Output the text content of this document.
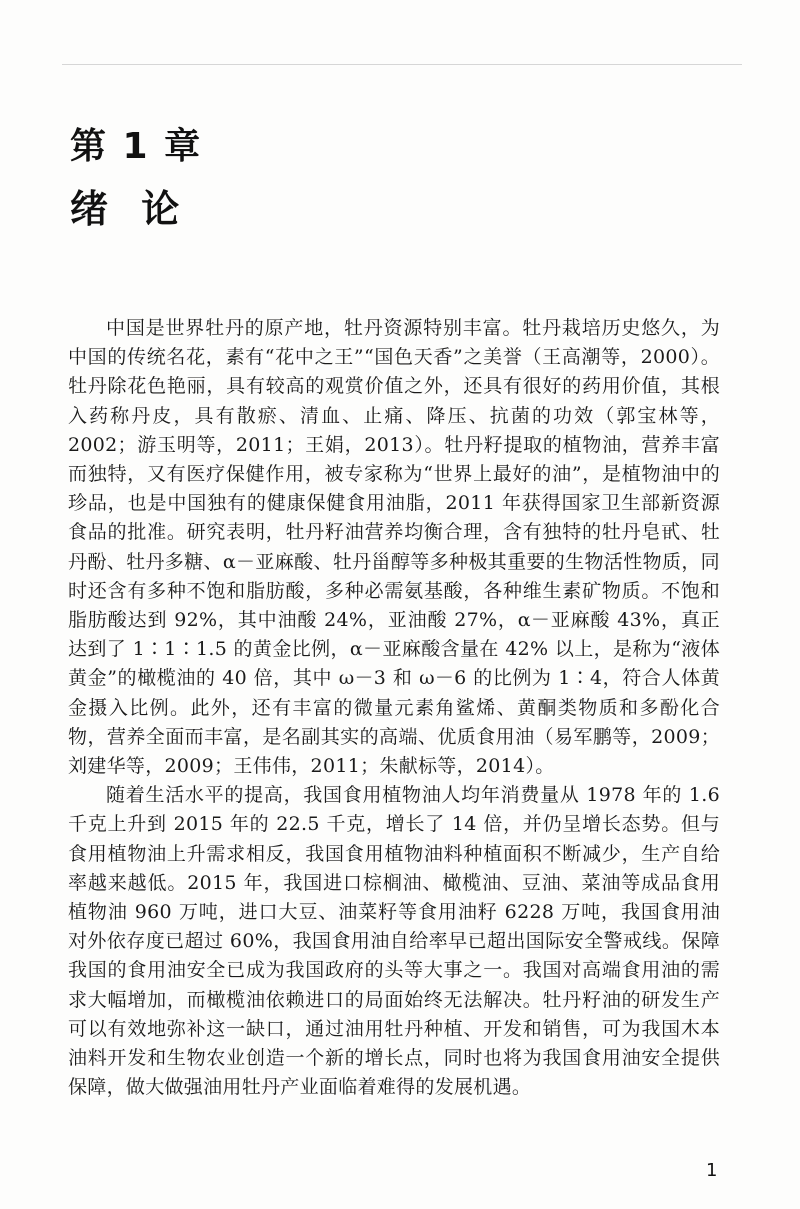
第 1 章
绪 论

中国是世界牡丹的原产地，牡丹资源特别丰富。牡丹栽培历史悠久，为中国的传统名花，素有“花中之王”“国色天香”之美誉（王高潮等，2000）。牡丹除花色艳丽，具有较高的观赏价值之外，还具有很好的药用价值，其根入药称丹皮，具有散瘀、清血、止痛、降压、抗菌的功效（郭宝林等，2002；游玉明等，2011；王娟，2013）。牡丹籽提取的植物油，营养丰富而独特，又有医疗保健作用，被专家称为“世界上最好的油”，是植物油中的珍品，也是中国独有的健康保健食用油脂，2011 年获得国家卫生部新资源食品的批准。研究表明，牡丹籽油营养均衡合理，含有独特的牡丹皂甙、牡丹酚、牡丹多糖、α－亚麻酸、牡丹甾醇等多种极其重要的生物活性物质，同时还含有多种不饱和脂肪酸，多种必需氨基酸，各种维生素矿物质。不饱和脂肪酸达到 92%，其中油酸 24%，亚油酸 27%，α－亚麻酸 43%，真正达到了 1∶1∶1.5 的黄金比例，α－亚麻酸含量在 42% 以上，是称为“液体黄金”的橄榄油的 40 倍，其中 ω－3 和 ω－6 的比例为 1∶4，符合人体黄金摄入比例。此外，还有丰富的微量元素角鲨烯、黄酮类物质和多酚化合物，营养全面而丰富，是名副其实的高端、优质食用油（易军鹏等，2009；刘建华等，2009；王伟伟，2011；朱献标等，2014）。

随着生活水平的提高，我国食用植物油人均年消费量从 1978 年的 1.6 千克上升到 2015 年的 22.5 千克，增长了 14 倍，并仍呈增长态势。但与食用植物油上升需求相反，我国食用植物油料种植面积不断减少，生产自给率越来越低。2015 年，我国进口棕榈油、橄榄油、豆油、菜油等成品食用植物油 960 万吨，进口大豆、油菜籽等食用油籽 6228 万吨，我国食用油对外依存度已超过 60%，我国食用油自给率早已超出国际安全警戒线。保障我国的食用油安全已成为我国政府的头等大事之一。我国对高端食用油的需求大幅增加，而橄榄油依赖进口的局面始终无法解决。牡丹籽油的研发生产可以有效地弥补这一缺口，通过油用牡丹种植、开发和销售，可为我国木本油料开发和生物农业创造一个新的增长点，同时也将为我国食用油安全提供保障，做大做强油用牡丹产业面临着难得的发展机遇。

1
